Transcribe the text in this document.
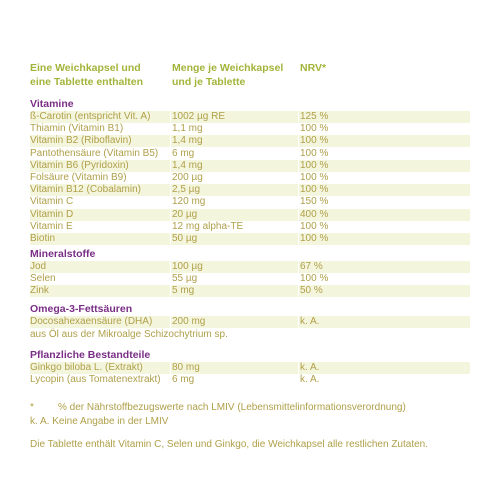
Eine Weichkapsel und
eine Tablette enthalten
Menge je Weichkapsel
und je Tablette
NRV*
Vitamine
ß-Carotin (entspricht Vit. A) 1002 µg RE	125 %
Thiamin (Vitamin B1)	1,1 mg	100 %
Vitamin B2 (Riboflavin)	1,4 mg	100 %
Pantothensäure (Vitamin B5) 6 mg	100 %
Vitamin B6 (Pyridoxin)	1,4 mg	100 %
Folsäure (Vitamin B9)	200 µg	100 %
Vitamin B12 (Cobalamin)	2,5 µg	100 %
Vitamin C	120 mg	150 %
Vitamin D	20 µg	400 %
Vitamin E	12 mg alpha-TE	100 %
Biotin	50 µg	100 %
Mineralstoffe
Jod	100 µg	67 %
Selen	55 µg	100 %
Zink	5 mg	50 %
Omega-3-Fettsäuren
Docosahexaensäure (DHA) 200 mg	k. A.
aus Öl aus der Mikroalge Schizochytrium sp.
Pflanzliche Bestandteile
Ginkgo biloba L. (Extrakt)	80 mg	k. A.
Lycopin (aus Tomatenextrakt) 6 mg	k. A.
* % der Nährstoffbezugswerte nach LMIV (Lebensmittelinformationsverordnung)
k. A. Keine Angabe in der LMIV
Die Tablette enthält Vitamin C, Selen und Ginkgo, die Weichkapsel alle restlichen Zutaten.
